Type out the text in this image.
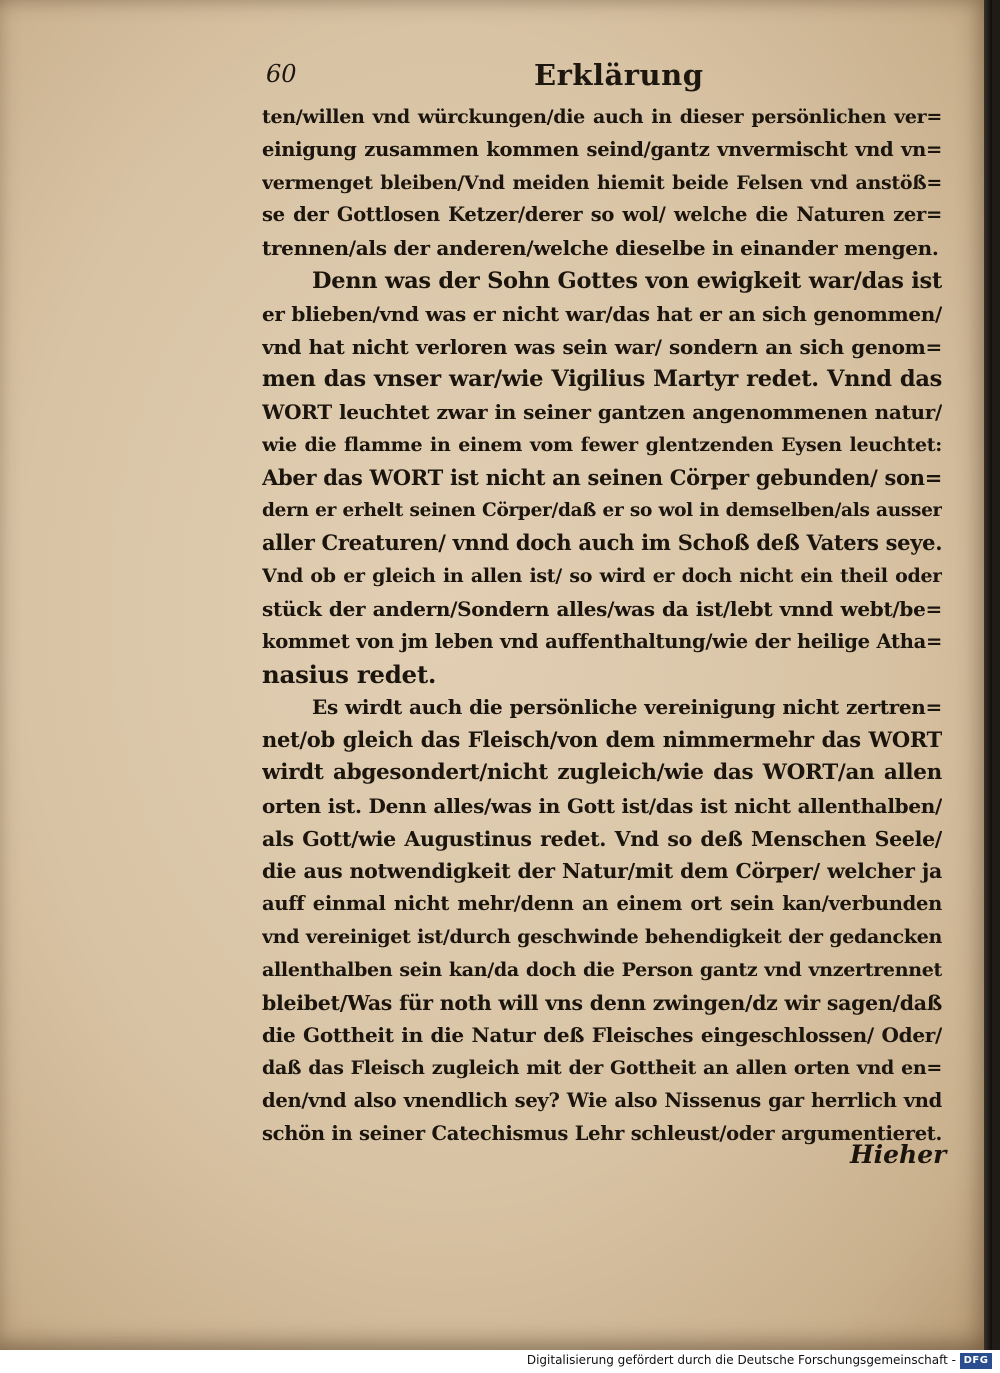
60	Erklärung
ten/willen vnd würckungen/die auch in dieser persönlichen ver=
einigung zusammen kommen seind/gantz vnvermischt vnd vn=
vermenget bleiben/Vnd meiden hiemit beide Felsen vnd anstöß=
se der Gottlosen Ketzer/derer so wol/ welche die Naturen zer=
trennen/als der anderen/welche dieselbe in einander mengen.
Denn was der Sohn Gottes von ewigkeit war/das ist
er blieben/vnd was er nicht war/das hat er an sich genommen/
vnd hat nicht verloren was sein war/ sondern an sich genom=
men das vnser war/wie Vigilius Martyr redet. Vnnd das
WORT leuchtet zwar in seiner gantzen angenommenen natur/
wie die flamme in einem vom fewer glentzenden Eysen leuchtet:
Aber das WORT ist nicht an seinen Cörper gebunden/ son=
dern er erhelt seinen Cörper/daß er so wol in demselben/als ausser
aller Creaturen/ vnnd doch auch im Schoß deß Vaters seye.
Vnd ob er gleich in allen ist/ so wird er doch nicht ein theil oder
stück der andern/Sondern alles/was da ist/lebt vnnd webt/be=
kommet von jm leben vnd auffenthaltung/wie der heilige Atha=
nasius redet.
Es wirdt auch die persönliche vereinigung nicht zertren=
net/ob gleich das Fleisch/von dem nimmermehr das WORT
wirdt abgesondert/nicht zugleich/wie das WORT/an allen
orten ist. Denn alles/was in Gott ist/das ist nicht allenthalben/
als Gott/wie Augustinus redet. Vnd so deß Menschen Seele/
die aus notwendigkeit der Natur/mit dem Cörper/ welcher ja
auff einmal nicht mehr/denn an einem ort sein kan/verbunden
vnd vereiniget ist/durch geschwinde behendigkeit der gedancken
allenthalben sein kan/da doch die Person gantz vnd vnzertrennet
bleibet/Was für noth will vns denn zwingen/dz wir sagen/daß
die Gottheit in die Natur deß Fleisches eingeschlossen/ Oder/
daß das Fleisch zugleich mit der Gottheit an allen orten vnd en=
den/vnd also vnendlich sey? Wie also Nissenus gar herrlich vnd
schön in seiner Catechismus Lehr schleust/oder argumentieret.
Hieher
Digitalisierung gefördert durch die Deutsche Forschungsgemeinschaft - DFG
